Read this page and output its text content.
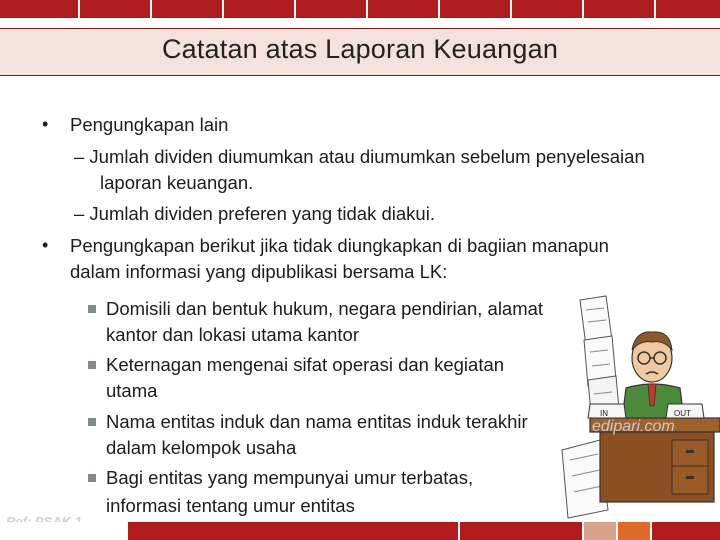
Catatan atas Laporan Keuangan
• Pengungkapan lain
– Jumlah dividen diumumkan atau diumumkan sebelum penyelesaian
laporan keuangan.
– Jumlah dividen preferen yang tidak diakui.
• Pengungkapan berikut jika tidak diungkapkan di bagiian manapun
dalam informasi yang dipublikasi bersama LK:
Domisili dan bentuk hukum, negara pendirian, alamat
kantor dan lokasi utama kantor
Keternagan mengenai sifat operasi dan kegiatan
utama
Nama entitas induk dan nama entitas induk terakhir
dalam kelompok usaha
Bagi entitas yang mempunyai umur terbatas,
informasi tentang umur entitas
IN	OUT
edipari.com
